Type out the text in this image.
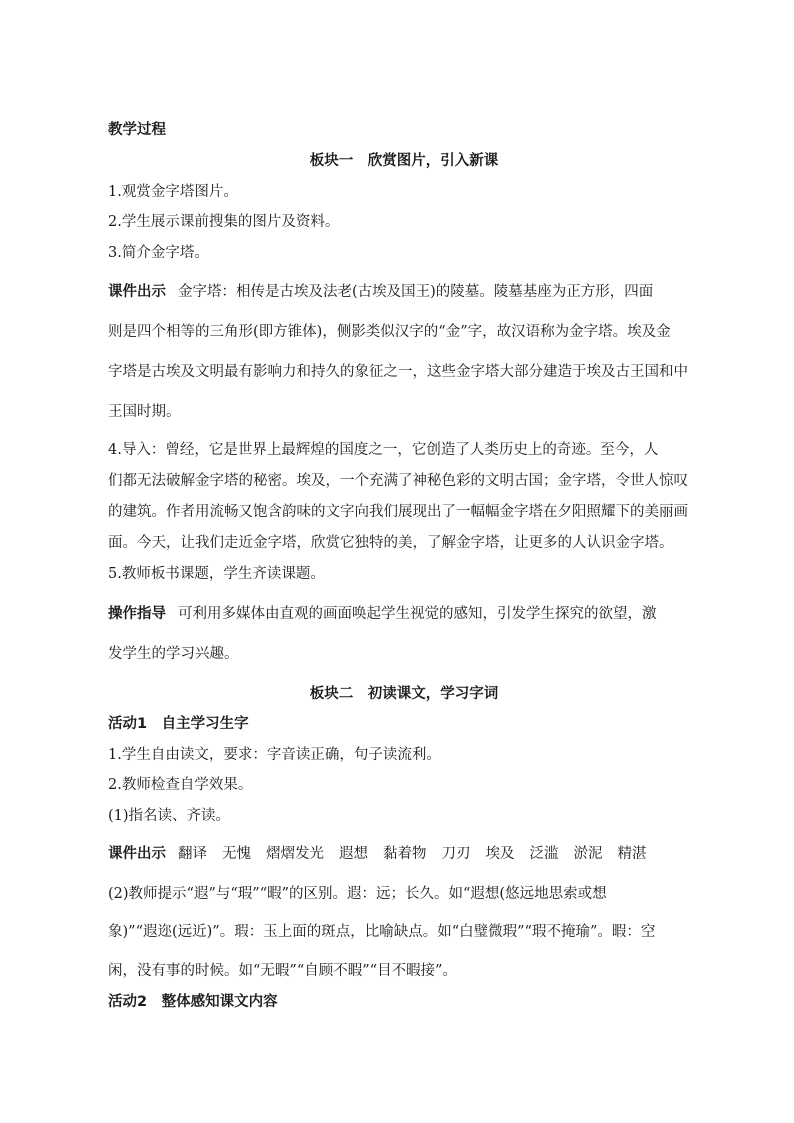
教学过程
板块一　欣赏图片，引入新课
1.观赏金字塔图片。
2.学生展示课前搜集的图片及资料。
3.简介金字塔。
课件出示 金字塔：相传是古埃及法老(古埃及国王)的陵墓。陵墓基座为正方形，四面
则是四个相等的三角形(即方锥体)，侧影类似汉字的“金”字，故汉语称为金字塔。埃及金
字塔是古埃及文明最有影响力和持久的象征之一，这些金字塔大部分建造于埃及古王国和中
王国时期。
4.导入：曾经，它是世界上最辉煌的国度之一，它创造了人类历史上的奇迹。至今，人
们都无法破解金字塔的秘密。埃及，一个充满了神秘色彩的文明古国；金字塔，令世人惊叹
的建筑。作者用流畅又饱含韵味的文字向我们展现出了一幅幅金字塔在夕阳照耀下的美丽画
面。今天，让我们走近金字塔，欣赏它独特的美，了解金字塔，让更多的人认识金字塔。
5.教师板书课题，学生齐读课题。
操作指导 可利用多媒体由直观的画面唤起学生视觉的感知，引发学生探究的欲望，激
发学生的学习兴趣。
板块二　初读课文，学习字词
活动1　自主学习生字
1.学生自由读文，要求：字音读正确，句子读流利。
2.教师检查自学效果。
(1)指名读、齐读。
课件出示 翻译 无愧 熠熠发光 遐想 黏着物 刀刃 埃及 泛滥 淤泥 精湛
(2)教师提示“遐”与“瑕”“暇”的区别。遐：远；长久。如“遐想(悠远地思索或想
象)”“遐迩(远近)”。瑕：玉上面的斑点，比喻缺点。如“白璧微瑕”“瑕不掩瑜”。暇：空
闲，没有事的时候。如“无暇”“自顾不暇”“目不暇接”。
活动2　整体感知课文内容
